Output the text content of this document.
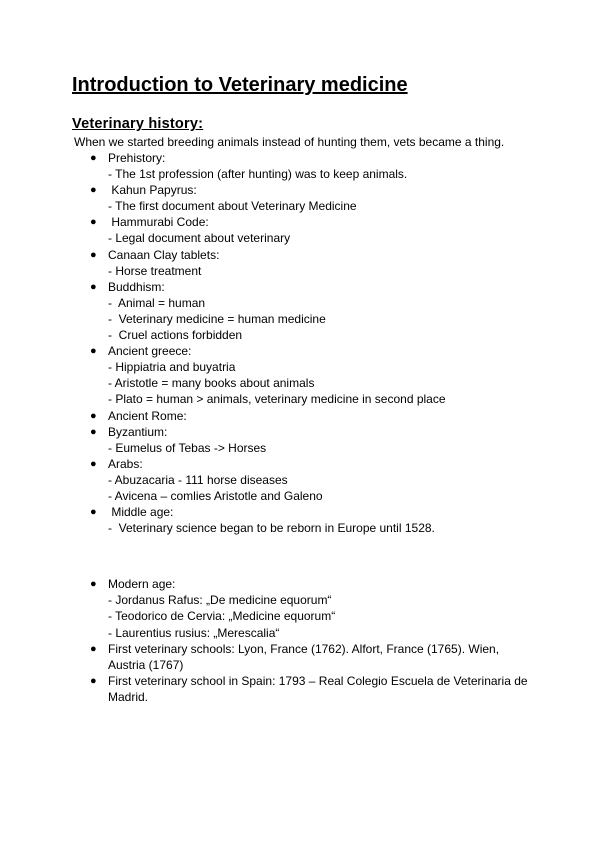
Introduction to Veterinary medicine
Veterinary history:

When we started breeding animals instead of hunting them, vets became a thing.

● Prehistory:
- The 1st profession (after hunting) was to keep animals.
● Kahun Papyrus:
- The first document about Veterinary Medicine
● Hammurabi Code:
- Legal document about veterinary
● Canaan Clay tablets:
- Horse treatment
● Buddhism:
-  Animal = human
-  Veterinary medicine = human medicine
-  Cruel actions forbidden
● Ancient greece:
- Hippiatria and buyatria
- Aristotle = many books about animals
- Plato = human > animals, veterinary medicine in second place
● Ancient Rome:
● Byzantium:
- Eumelus of Tebas -> Horses
● Arabs:
- Abuzacaria - 111 horse diseases
- Avicena – comlies Aristotle and Galeno
● Middle age:
-  Veterinary science began to be reborn in Europe until 1528.
● Modern age:
- Jordanus Rafus: „De medicine equorum“
- Teodorico de Cervia: „Medicine equorum“
- Laurentius rusius: „Merescalia“
● First veterinary schools: Lyon, France (1762). Alfort, France (1765). Wien, Austria (1767)
● First veterinary school in Spain: 1793 – Real Colegio Escuela de Veterinaria de Madrid.
